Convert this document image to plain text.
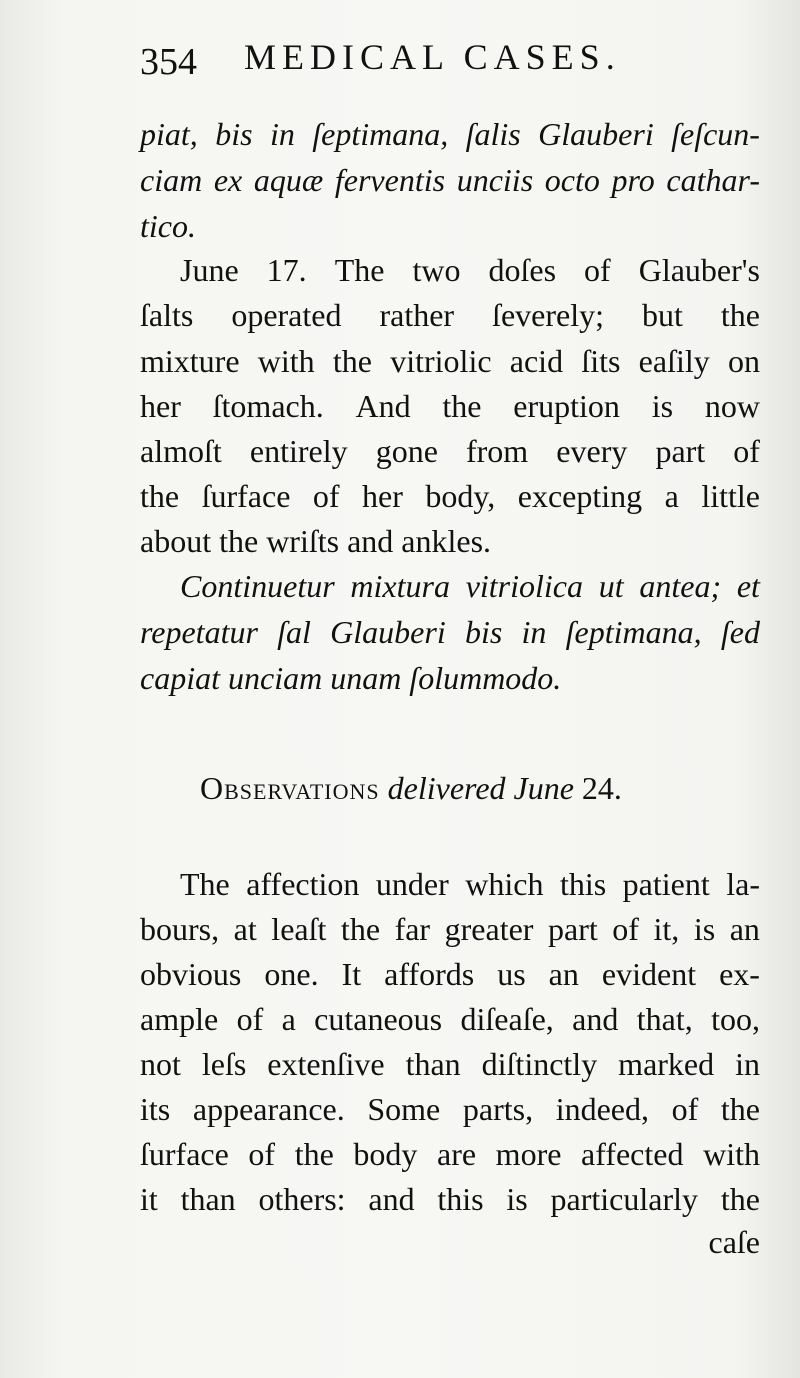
354 MEDICAL CASES.
piat, bis in ſeptimana, ſalis Glauberi ſeſcun-
ciam ex aquæ ferventis unciis octo pro cathar-
tico.
June 17. The two doſes of Glauber's
ſalts operated rather ſeverely; but the
mixture with the vitriolic acid ſits eaſily on
her ſtomach. And the eruption is now
almoſt entirely gone from every part of
the ſurface of her body, excepting a little
about the wriſts and ankles.
Continuetur mixtura vitriolica ut antea; et
repetatur ſal Glauberi bis in ſeptimana, ſed
capiat unciam unam ſolummodo.
Observations delivered June 24.
The affection under which this patient la-
bours, at leaſt the far greater part of it, is an
obvious one. It affords us an evident ex-
ample of a cutaneous diſeaſe, and that, too,
not leſs extenſive than diſtinctly marked in
its appearance. Some parts, indeed, of the
ſurface of the body are more affected with
it than others: and this is particularly the
caſe
